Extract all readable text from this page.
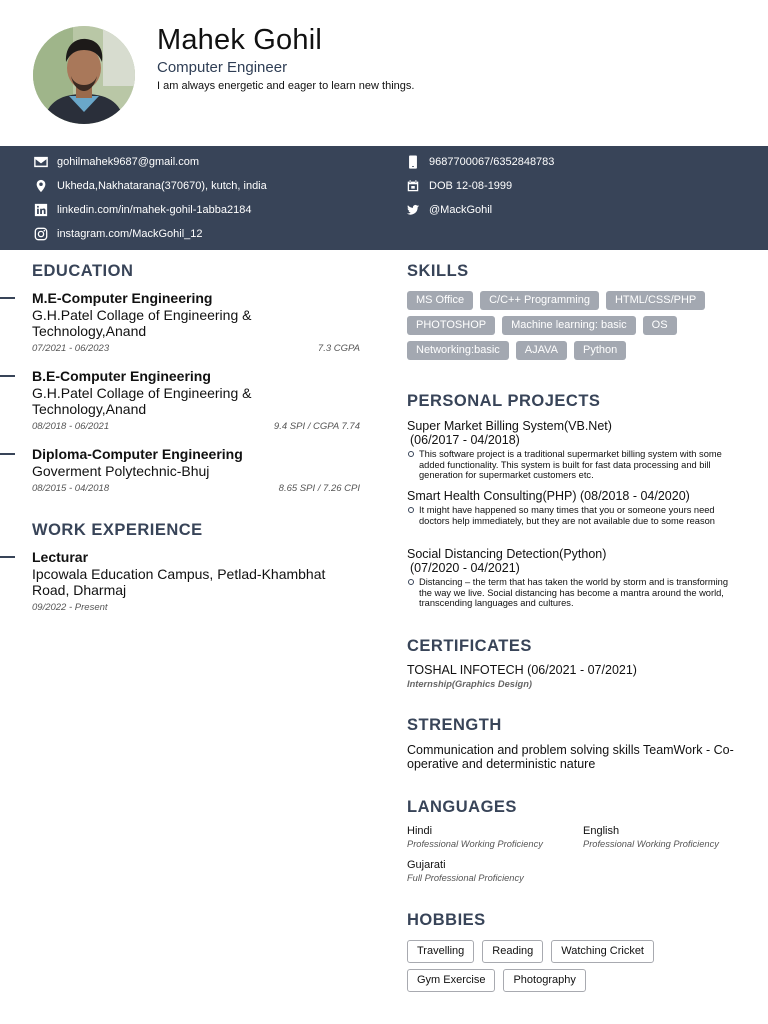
Mahek Gohil
Computer Engineer
I am always energetic and eager to learn new things.
gohilmahek9687@gmail.com
Ukheda,Nakhatarana(370670), kutch, india
linkedin.com/in/mahek-gohil-1abba2184
instagram.com/MackGohil_12
9687700067/6352848783
DOB 12-08-1999
@MackGohil
EDUCATION
M.E-Computer Engineering
G.H.Patel Collage of Engineering & Technology,Anand
07/2021 - 06/2023	7.3 CGPA
B.E-Computer Engineering
G.H.Patel Collage of Engineering & Technology,Anand
08/2018 - 06/2021	9.4 SPI / CGPA 7.74
Diploma-Computer Engineering
Goverment Polytechnic-Bhuj
08/2015 - 04/2018	8.65 SPI / 7.26 CPI
WORK EXPERIENCE
Lecturar
Ipcowala Education Campus, Petlad-Khambhat Road, Dharmaj
09/2022 - Present
SKILLS
MS Office	C/C++ Programming	HTML/CSS/PHP
PHOTOSHOP	Machine learning: basic	OS
Networking:basic	AJAVA	Python
PERSONAL PROJECTS
Super Market Billing System(VB.Net)
(06/2017 - 04/2018)
This software project is a traditional supermarket billing system with some added functionality. This system is built for fast data processing and bill generation for supermarket customers etc.
Smart Health Consulting(PHP) (08/2018 - 04/2020)
It might have happened so many times that you or someone yours need doctors help immediately, but they are not available due to some reason
Social Distancing Detection(Python)
(07/2020 - 04/2021)
Distancing – the term that has taken the world by storm and is transforming the way we live. Social distancing has become a mantra around the world, transcending languages and cultures.
CERTIFICATES
TOSHAL INFOTECH (06/2021 - 07/2021)
Internship(Graphics Design)
STRENGTH
Communication and problem solving skills TeamWork - Co-operative and deterministic nature
LANGUAGES
Hindi
Professional Working Proficiency
English
Professional Working Proficiency
Gujarati
Full Professional Proficiency
HOBBIES
Travelling	Reading	Watching Cricket
Gym Exercise	Photography
